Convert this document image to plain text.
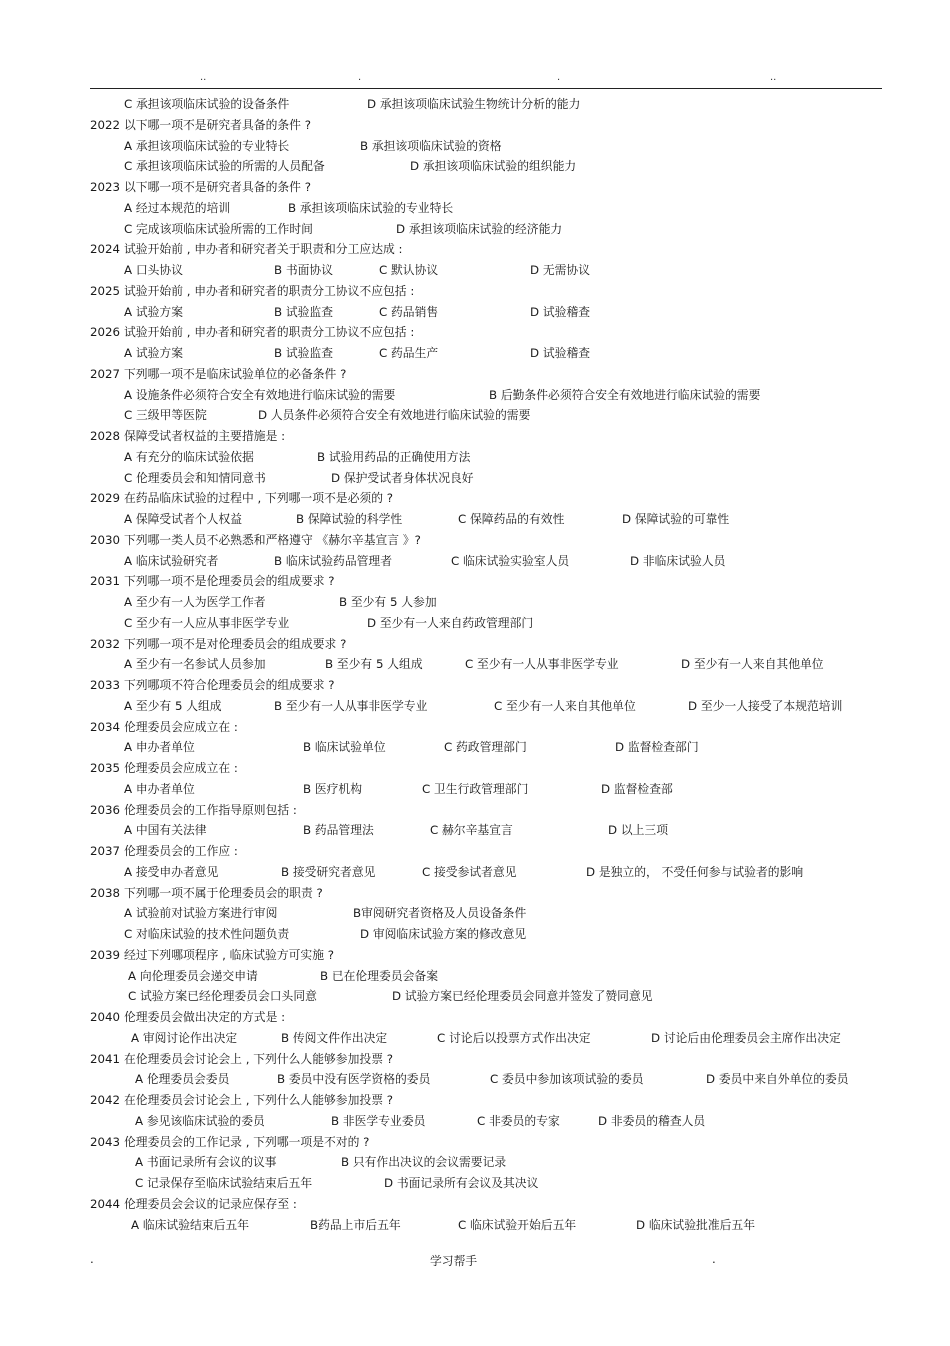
..	.	.	..
C 承担该项临床试验的设备条件	D 承担该项临床试验生物统计分析的能力
2022 以下哪一项不是研究者具备的条件 ?
A 承担该项临床试验的专业特长	B 承担该项临床试验的资格
C 承担该项临床试验的所需的人员配备	D 承担该项临床试验的组织能力
2023 以下哪一项不是研究者具备的条件 ?
A 经过本规范的培训	B 承担该项临床试验的专业特长
C 完成该项临床试验所需的工作时间	D 承担该项临床试验的经济能力
2024 试验开始前 , 申办者和研究者关于职责和分工应达成 :
A 口头协议	B 书面协议	C 默认协议	D 无需协议
2025 试验开始前 , 申办者和研究者的职责分工协议不应包括 :
A 试验方案	B 试验监查	C 药品销售	D 试验稽查
2026 试验开始前 , 申办者和研究者的职责分工协议不应包括 :
A 试验方案	B 试验监查	C 药品生产	D 试验稽查
2027 下列哪一项不是临床试验单位的必备条件 ?
A 设施条件必须符合安全有效地进行临床试验的需要	B 后勤条件必须符合安全有效地进行临床试验的需要
C 三级甲等医院	D 人员条件必须符合安全有效地进行临床试验的需要
2028 保障受试者权益的主要措施是 :
A 有充分的临床试验依据	B 试验用药品的正确使用方法
C 伦理委员会和知情同意书	D 保护受试者身体状况良好
2029 在药品临床试验的过程中 , 下列哪一项不是必须的 ?
A 保障受试者个人权益	B 保障试验的科学性	C 保障药品的有效性	D 保障试验的可靠性
2030 下列哪一类人员不必熟悉和严格遵守 《赫尔辛基宣言 》?
A 临床试验研究者	B 临床试验药品管理者	C 临床试验实验室人员	D 非临床试验人员
2031 下列哪一项不是伦理委员会的组成要求 ?
A 至少有一人为医学工作者	B 至少有 5 人参加
C 至少有一人应从事非医学专业	D 至少有一人来自药政管理部门
2032 下列哪一项不是对伦理委员会的组成要求 ?
A 至少有一名参试人员参加	B 至少有 5 人组成	C 至少有一人从事非医学专业	D 至少有一人来自其他单位
2033 下列哪项不符合伦理委员会的组成要求 ?
A 至少有 5 人组成	B 至少有一人从事非医学专业	C 至少有一人来自其他单位	D 至少一人接受了本规范培训
2034 伦理委员会应成立在 :
A 申办者单位	B 临床试验单位	C 药政管理部门	D 监督检查部门
2035 伦理委员会应成立在 :
A 申办者单位	B 医疗机构	C 卫生行政管理部门	D 监督检查部
2036 伦理委员会的工作指导原则包括 :
A 中国有关法律	B 药品管理法	C 赫尔辛基宣言	D 以上三项
2037 伦理委员会的工作应 :
A 接受申办者意见	B 接受研究者意见	C 接受参试者意见	D 是独立的， 不受任何参与试验者的影响
2038 下列哪一项不属于伦理委员会的职责 ?
A 试验前对试验方案进行审阅	B审阅研究者资格及人员设备条件
C 对临床试验的技术性问题负责	D 审阅临床试验方案的修改意见
2039 经过下列哪项程序 , 临床试验方可实施 ?
A 向伦理委员会递交申请	B 已在伦理委员会备案
C 试验方案已经伦理委员会口头同意	D 试验方案已经伦理委员会同意并签发了赞同意见
2040 伦理委员会做出决定的方式是 :
A 审阅讨论作出决定	B 传阅文件作出决定	C 讨论后以投票方式作出决定	D 讨论后由伦理委员会主席作出决定
2041 在伦理委员会讨论会上 , 下列什么人能够参加投票 ?
A 伦理委员会委员	B 委员中没有医学资格的委员	C 委员中参加该项试验的委员	D 委员中来自外单位的委员
2042 在伦理委员会讨论会上 , 下列什么人能够参加投票 ?
A 参见该临床试验的委员	B 非医学专业委员	C 非委员的专家	D 非委员的稽查人员
2043 伦理委员会的工作记录 , 下列哪一项是不对的 ?
A 书面记录所有会议的议事	B 只有作出决议的会议需要记录
C 记录保存至临床试验结束后五年	D 书面记录所有会议及其决议
2044 伦理委员会会议的记录应保存至 :
A 临床试验结束后五年	B药品上市后五年	C 临床试验开始后五年	D 临床试验批准后五年
.	学习帮手	.
